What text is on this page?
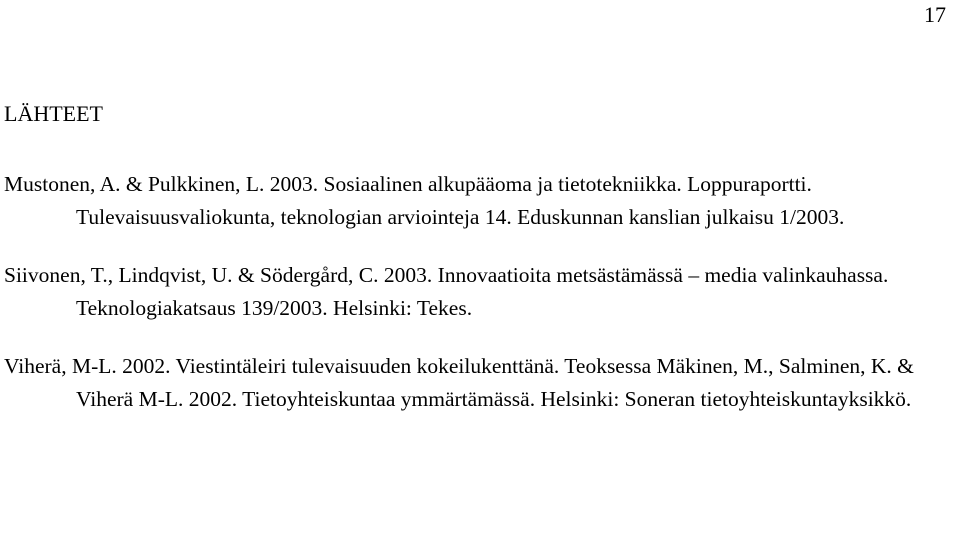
17
LÄHTEET
Mustonen, A. & Pulkkinen, L. 2003. Sosiaalinen alkupääoma ja tietotekniikka. Loppuraportti. Tulevaisuusvaliokunta, teknologian arviointeja 14. Eduskunnan kanslian julkaisu 1/2003.
Siivonen, T., Lindqvist, U. & Södergård, C. 2003. Innovaatioita metsästämässä – media valinkauhassa. Teknologiakatsaus 139/2003. Helsinki: Tekes.
Viherä, M-L. 2002. Viestintäleiri tulevaisuuden kokeilukenttänä. Teoksessa Mäkinen, M., Salminen, K. & Viherä M-L. 2002. Tietoyhteiskuntaa ymmärtämässä. Helsinki: Soneran tietoyhteiskuntayksikkö.
